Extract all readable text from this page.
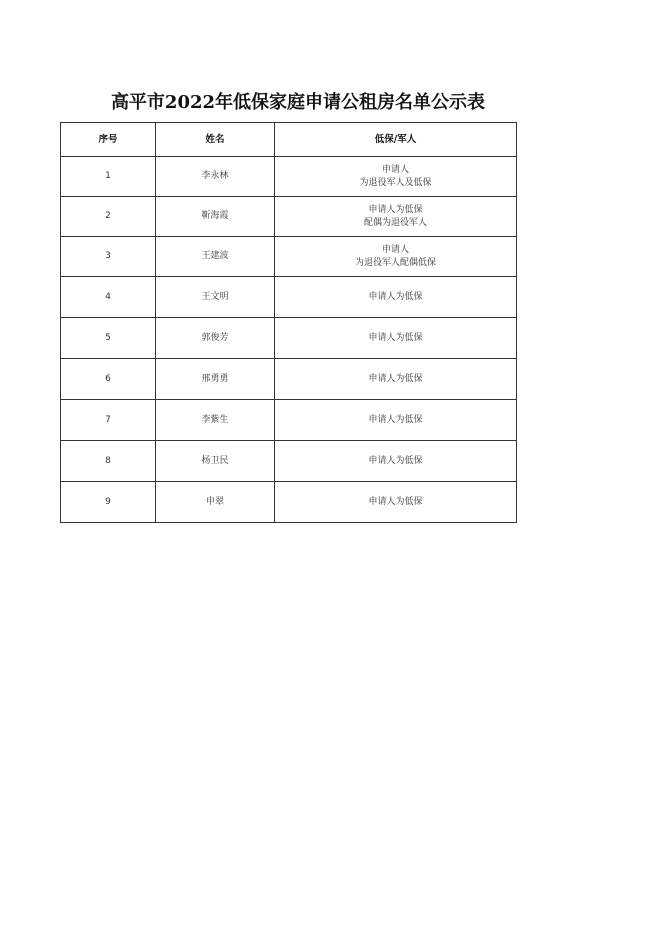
高平市2022年低保家庭申请公租房名单公示表
序号	姓名	低保/军人
1	李永林	申请人
为退役军人及低保

2	靳海霞	申请人为低保
配偶为退役军人

3	王建波	申请人
为退役军人配偶低保

4	王文明	申请人为低保
5	郭俊芳	申请人为低保
6	邢勇勇	申请人为低保
7	李紫生	申请人为低保
8	杨卫民	申请人为低保
9	申翠	申请人为低保
